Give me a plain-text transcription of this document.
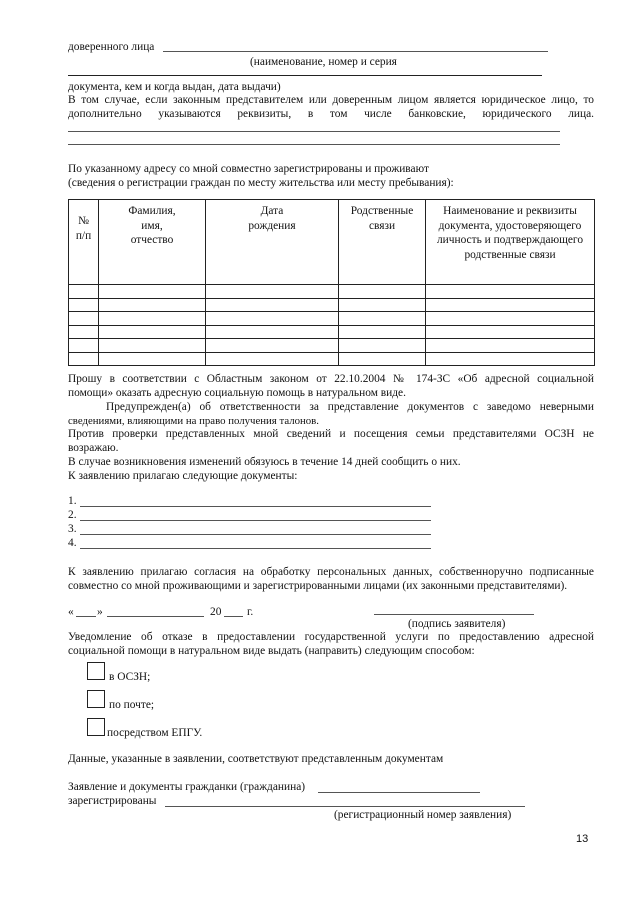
доверенного лица
(наименование, номер и серия
документа, кем и когда выдан, дата выдачи)
В том случае, если законным представителем или доверенным лицом является юридическое лицо, то
дополнительно указываются реквизиты, в том числе банковские, юридического лица.
По указанному адресу со мной совместно зарегистрированы и проживают
(сведения о регистрации граждан по месту жительства или месту пребывания):
№ п/п	Фамилия, имя, отчество	Дата рождения	Родственные связи	Наименование и реквизиты документа, удостоверяющего личность и подтверждающего родственные связи

Прошу в соответствии с Областным законом от 22.10.2004 № 174-ЗС «Об адресной социальной
помощи» оказать адресную социальную помощь в натуральном виде.
Предупрежден(а) об ответственности за представление документов с заведомо неверными
сведениями, влияющими на право получения талонов.
Против проверки представленных мной сведений и посещения семьи представителями ОСЗН не
возражаю.
В случае возникновения изменений обязуюсь в течение 14 дней сообщить о них.
К заявлению прилагаю следующие документы:
1.
2.
3.
4.
К заявлению прилагаю согласия на обработку персональных данных, собственноручно подписанные
совместно со мной проживающими и зарегистрированными лицами (их законными представителями).
« »	20 г.
(подпись заявителя)
Уведомление об отказе в предоставлении государственной услуги по предоставлению адресной
социальной помощи в натуральном виде выдать (направить) следующим способом:
в ОСЗН;
по почте;
посредством ЕПГУ.
Данные, указанные в заявлении, соответствуют представленным документам
Заявление и документы гражданки (гражданина)
зарегистрированы
(регистрационный номер заявления)
13
